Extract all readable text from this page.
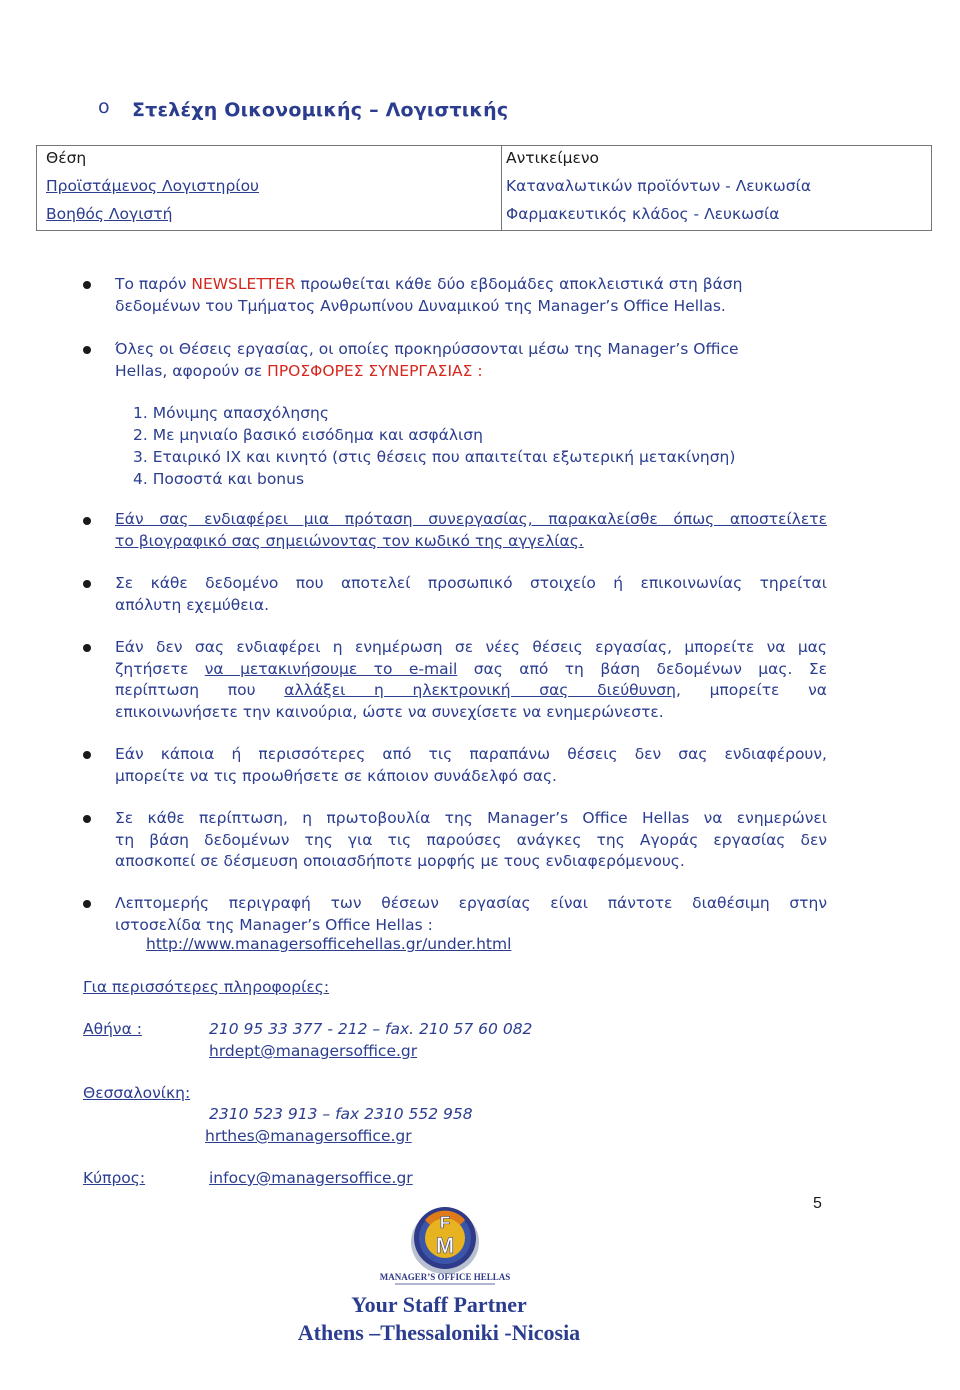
o Στελέχη Οικονομικής – Λογιστικής
Θέση	Αντικείμενο
Προϊστάμενος Λογιστηρίου	Καταναλωτικών προϊόντων - Λευκωσία
Βοηθός Λογιστή	Φαρμακευτικός κλάδος - Λευκωσία
Το παρόν NEWSLETTER προωθείται κάθε δύο εβδομάδες αποκλειστικά στη βάση
δεδομένων του Τμήματος Ανθρωπίνου Δυναμικού της Manager’s Office Hellas.
Όλες οι Θέσεις εργασίας, οι οποίες προκηρύσσονται μέσω της Manager’s Office
Hellas, αφορούν σε ΠΡΟΣΦΟΡΕΣ ΣΥΝΕΡΓΑΣΙΑΣ :
1. Μόνιμης απασχόλησης
2. Με μηνιαίο βασικό εισόδημα και ασφάλιση
3. Εταιρικό ΙΧ και κινητό (στις θέσεις που απαιτείται εξωτερική μετακίνηση)
4. Ποσοστά και bonus
Εάν σας ενδιαφέρει μια πρόταση συνεργασίας, παρακαλείσθε όπως αποστείλετε
το βιογραφικό σας σημειώνοντας τον κωδικό της αγγελίας.
Σε κάθε δεδομένο που αποτελεί προσωπικό στοιχείο ή επικοινωνίας τηρείται
απόλυτη εχεμύθεια.
Εάν δεν σας ενδιαφέρει η ενημέρωση σε νέες θέσεις εργασίας, μπορείτε να μας
ζητήσετε να μετακινήσουμε το e-mail σας από τη βάση δεδομένων μας. Σε
περίπτωση που αλλάξει η ηλεκτρονική σας διεύθυνση, μπορείτε να
επικοινωνήσετε την καινούρια, ώστε να συνεχίσετε να ενημερώνεστε.
Εάν κάποια ή περισσότερες από τις παραπάνω θέσεις δεν σας ενδιαφέρουν,
μπορείτε να τις προωθήσετε σε κάποιον συνάδελφό σας.
Σε κάθε περίπτωση, η πρωτοβουλία της Manager’s Office Hellas να ενημερώνει
τη βάση δεδομένων της για τις παρούσες ανάγκες της Αγοράς εργασίας δεν
αποσκοπεί σε δέσμευση οποιασδήποτε μορφής με τους ενδιαφερόμενους.
Λεπτομερής περιγραφή των θέσεων εργασίας είναι πάντοτε διαθέσιμη στην
ιστοσελίδα της Manager’s Office Hellas :
http://www.managersofficehellas.gr/under.html
Για περισσότερες πληροφορίες:
Αθήνα :	210 95 33 377 - 212 – fax. 210 57 60 082
hrdept@managersoffice.gr
Θεσσαλονίκη:
2310 523 913 – fax 2310 552 958
hrthes@managersoffice.gr
Κύπρος:	infocy@managersoffice.gr
5
F
M
MANAGER’S OFFICE HELLAS
Your Staff Partner
Athens –Thessaloniki -Nicosia
